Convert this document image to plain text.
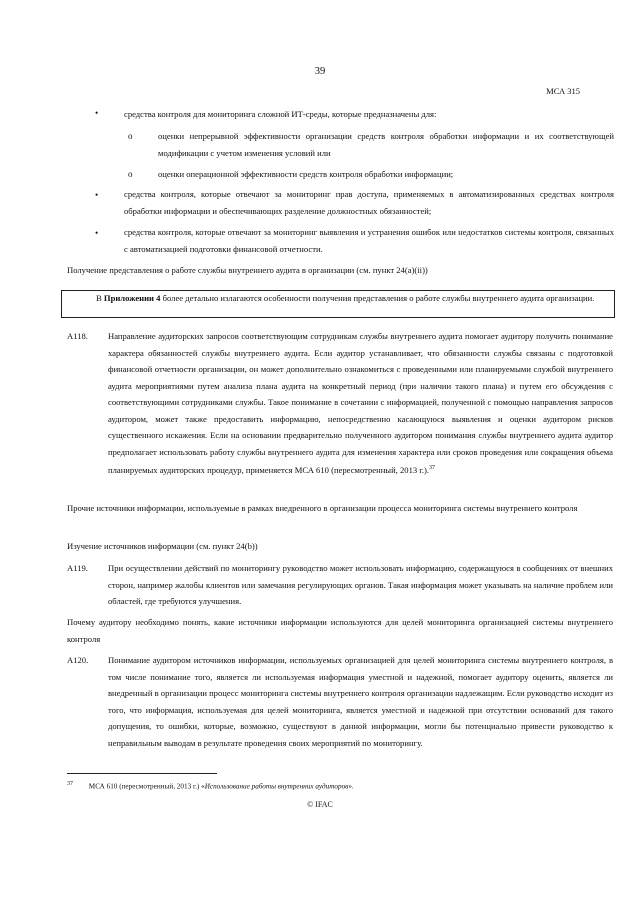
39
МСА 315
•	средства контроля для мониторинга сложной ИТ-среды, которые предназначены для:
o	оценки непрерывной эффективности организации средств контроля обработки информации и их соответствующей модификации с учетом изменения условий или
o	оценки операционной эффективности средств контроля обработки информации;
•	средства контроля, которые отвечают за мониторинг прав доступа, применяемых в автоматизированных средствах контроля обработки информации и обеспечивающих разделение должностных обязанностей;
•	средства контроля, которые отвечают за мониторинг выявления и устранения ошибок или недостатков системы контроля, связанных с автоматизацией подготовки финансовой отчетности.
Получение представления о работе службы внутреннего аудита в организации (см. пункт 24(a)(ii))
В Приложении 4 более детально излагаются особенности получения представления о работе службы внутреннего аудита организации.
A118. Направление аудиторских запросов соответствующим сотрудникам службы внутреннего аудита помогает аудитору получить понимание характера обязанностей службы внутреннего аудита. Если аудитор устанавливает, что обязанности службы связаны с подготовкой финансовой отчетности организации, он может дополнительно ознакомиться с проведенными или планируемыми службой внутреннего аудита мероприятиями путем анализа плана аудита на конкретный период (при наличии такого плана) и путем его обсуждения с соответствующими сотрудниками службы. Такое понимание в сочетании с информацией, полученной с помощью направления запросов аудитором, может также предоставить информацию, непосредственно касающуюся выявления и оценки аудитором рисков существенного искажения. Если на основании предварительно полученного аудитором понимания службы внутреннего аудита аудитор предполагает использовать работу службы внутреннего аудита для изменения характера или сроков проведения или сокращения объема планируемых аудиторских процедур, применяется МСА 610 (пересмотренный, 2013 г.).$^{37}$
Прочие источники информации, используемые в рамках внедренного в организации процесса мониторинга системы внутреннего контроля
Изучение источников информации (см. пункт 24(b))
A119. При осуществлении действий по мониторингу руководство может использовать информацию, содержащуюся в сообщениях от внешних сторон, например жалобы клиентов или замечания регулирующих органов. Такая информация может указывать на наличие проблем или областей, где требуются улучшения.
Почему аудитору необходимо понять, какие источники информации используются для целей мониторинга организацией системы внутреннего контроля
A120. Понимание аудитором источников информации, используемых организацией для целей мониторинга системы внутреннего контроля, в том числе понимание того, является ли используемая информация уместной и надежной, помогает аудитору оценить, является ли внедренный в организации процесс мониторинга системы внутреннего контроля организации надлежащим. Если руководство исходит из того, что информация, используемая для целей мониторинга, является уместной и надежной при отсутствии оснований для такого допущения, то ошибки, которые, возможно, существуют в данной информации, могли бы потенциально привести руководство к неправильным выводам в результате проведения своих мероприятий по мониторингу.
$^{37}$ МСА 610 (пересмотренный, 2013 г.) «Использование работы внутренних аудиторов».
© IFAC
